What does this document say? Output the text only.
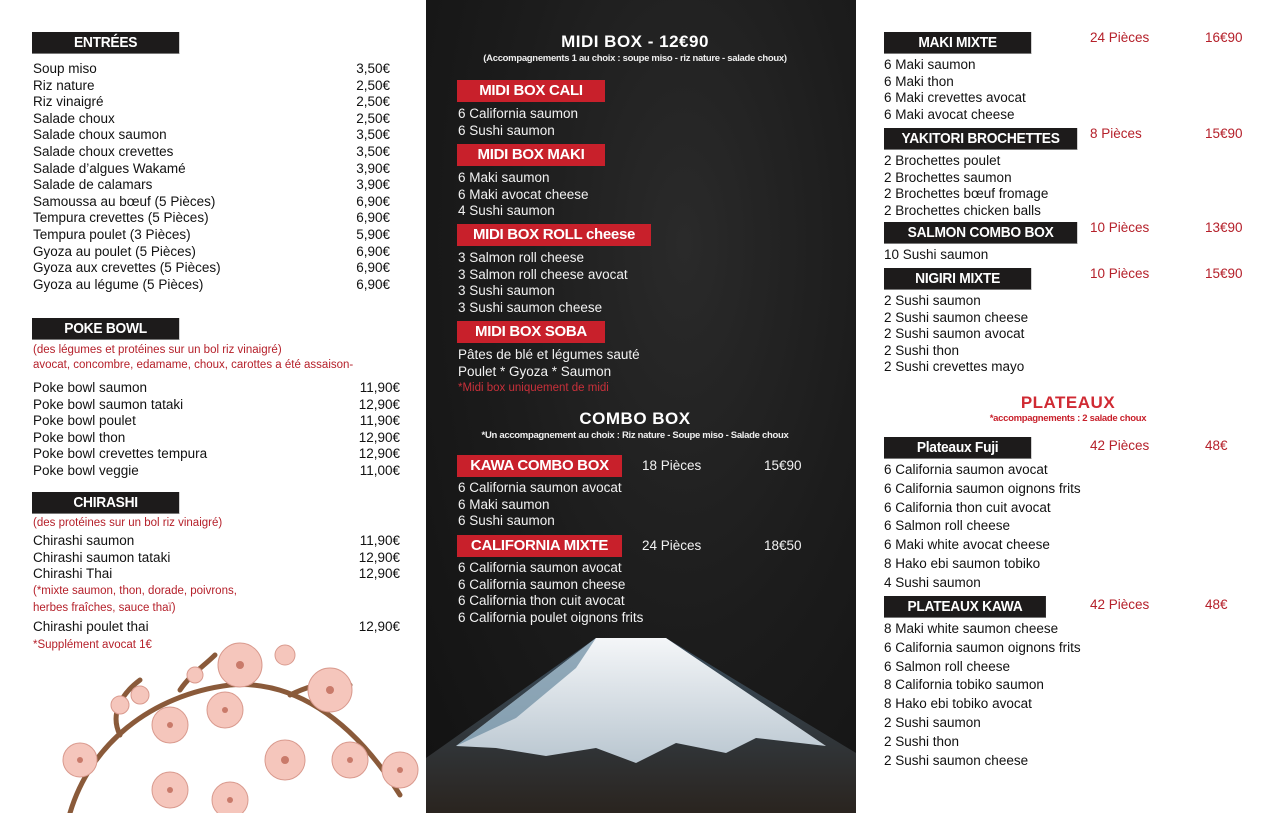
ENTRÉES
Soup miso	3,50€
Riz nature	2,50€
Riz vinaigré	2,50€
Salade choux	2,50€
Salade choux saumon	3,50€
Salade choux crevettes	3,50€
Salade d’algues Wakamé	3,90€
Salade de calamars	3,90€
Samoussa au bœuf (5 Pièces)	6,90€
Tempura crevettes (5 Pièces)	6,90€
Tempura poulet (3 Pièces)	5,90€
Gyoza au poulet (5 Pièces)	6,90€
Gyoza aux crevettes (5 Pièces)	6,90€
Gyoza au légume (5 Pièces)	6,90€
POKE BOWL
(des légumes et protéines sur un bol riz vinaigré)
avocat, concombre, edamame, choux, carottes a été assaison-
Poke bowl saumon	11,90€
Poke bowl saumon tataki	12,90€
Poke bowl poulet	11,90€
Poke bowl thon	12,90€
Poke bowl crevettes tempura	12,90€
Poke bowl veggie	11,00€
CHIRASHI
(des protéines sur un bol riz vinaigré)
Chirashi saumon	11,90€
Chirashi saumon tataki	12,90€
Chirashi Thai	12,90€
(*mixte saumon, thon, dorade, poivrons,
herbes fraîches, sauce thaï)
Chirashi poulet thai	12,90€
*Supplément avocat 1€
MIDI BOX - 12€90
(Accompagnements 1 au choix : soupe miso - riz nature - salade choux)
MIDI BOX CALI
6 California saumon
6 Sushi saumon
MIDI BOX MAKI
6 Maki saumon
6 Maki avocat cheese
4 Sushi saumon
MIDI BOX ROLL cheese
3 Salmon roll cheese
3 Salmon roll cheese avocat
3 Sushi saumon
3 Sushi saumon cheese
MIDI BOX SOBA
Pâtes de blé et légumes sauté
Poulet * Gyoza * Saumon
*Midi box uniquement de midi
COMBO BOX
*Un accompagnement au choix : Riz nature - Soupe miso - Salade choux
KAWA COMBO BOX	18 Pièces	15€90
6 California saumon avocat
6 Maki saumon
6 Sushi saumon
CALIFORNIA MIXTE	24 Pièces	18€50
6 California saumon avocat
6 California saumon cheese
6 California thon cuit avocat
6 California poulet oignons frits
MAKI MIXTE	24 Pièces	16€90
6 Maki saumon
6 Maki thon
6 Maki crevettes avocat
6 Maki avocat cheese
YAKITORI BROCHETTES	8 Pièces	15€90
2 Brochettes poulet
2 Brochettes saumon
2 Brochettes bœuf fromage
2 Brochettes chicken balls
SALMON COMBO BOX	10 Pièces	13€90
10 Sushi saumon
NIGIRI MIXTE	10 Pièces	15€90
2 Sushi saumon
2 Sushi saumon cheese
2 Sushi saumon avocat
2 Sushi thon
2 Sushi crevettes mayo
PLATEAUX
*accompagnements : 2 salade choux
Plateaux Fuji	42 Pièces	48€
6 California saumon avocat
6 California saumon oignons frits
6 California thon cuit avocat
6 Salmon roll cheese
6 Maki white avocat cheese
8 Hako ebi saumon tobiko
4 Sushi saumon
PLATEAUX KAWA	42 Pièces	48€
8 Maki white saumon cheese
6 California saumon oignons frits
6 Salmon roll cheese
8 California tobiko saumon
8 Hako ebi tobiko avocat
2 Sushi saumon
2 Sushi thon
2 Sushi saumon cheese
